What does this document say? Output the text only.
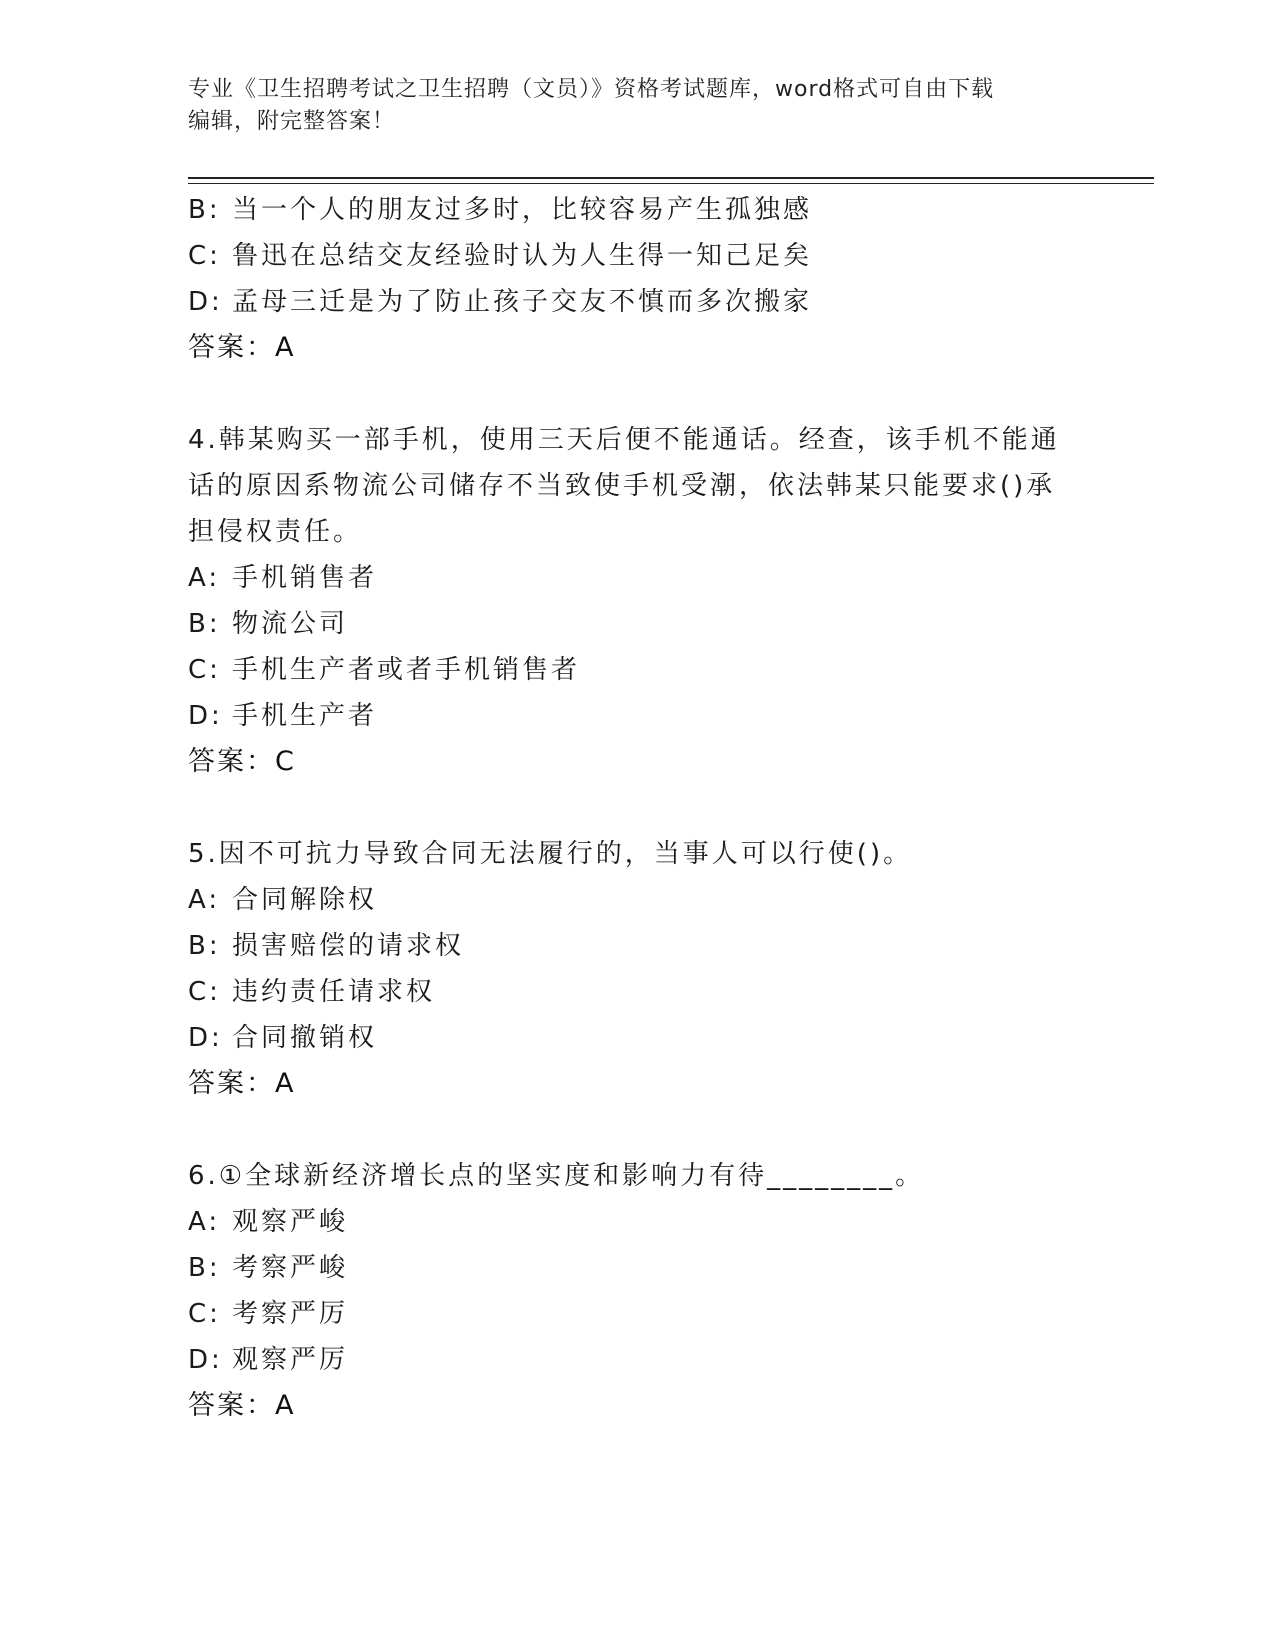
专业《卫生招聘考试之卫生招聘（文员）》资格考试题库，word格式可自由下载
编辑，附完整答案！
B: 当一个人的朋友过多时，比较容易产生孤独感
C: 鲁迅在总结交友经验时认为人生得一知己足矣
D: 孟母三迁是为了防止孩子交友不慎而多次搬家
答案：A
4.韩某购买一部手机，使用三天后便不能通话。经查，该手机不能通
话的原因系物流公司储存不当致使手机受潮，依法韩某只能要求()承
担侵权责任。
A: 手机销售者
B: 物流公司
C: 手机生产者或者手机销售者
D: 手机生产者
答案：C
5.因不可抗力导致合同无法履行的，当事人可以行使()。
A: 合同解除权
B: 损害赔偿的请求权
C: 违约责任请求权
D: 合同撤销权
答案：A
6.①全球新经济增长点的坚实度和影响力有待________。
A: 观察严峻
B: 考察严峻
C: 考察严厉
D: 观察严厉
答案：A
